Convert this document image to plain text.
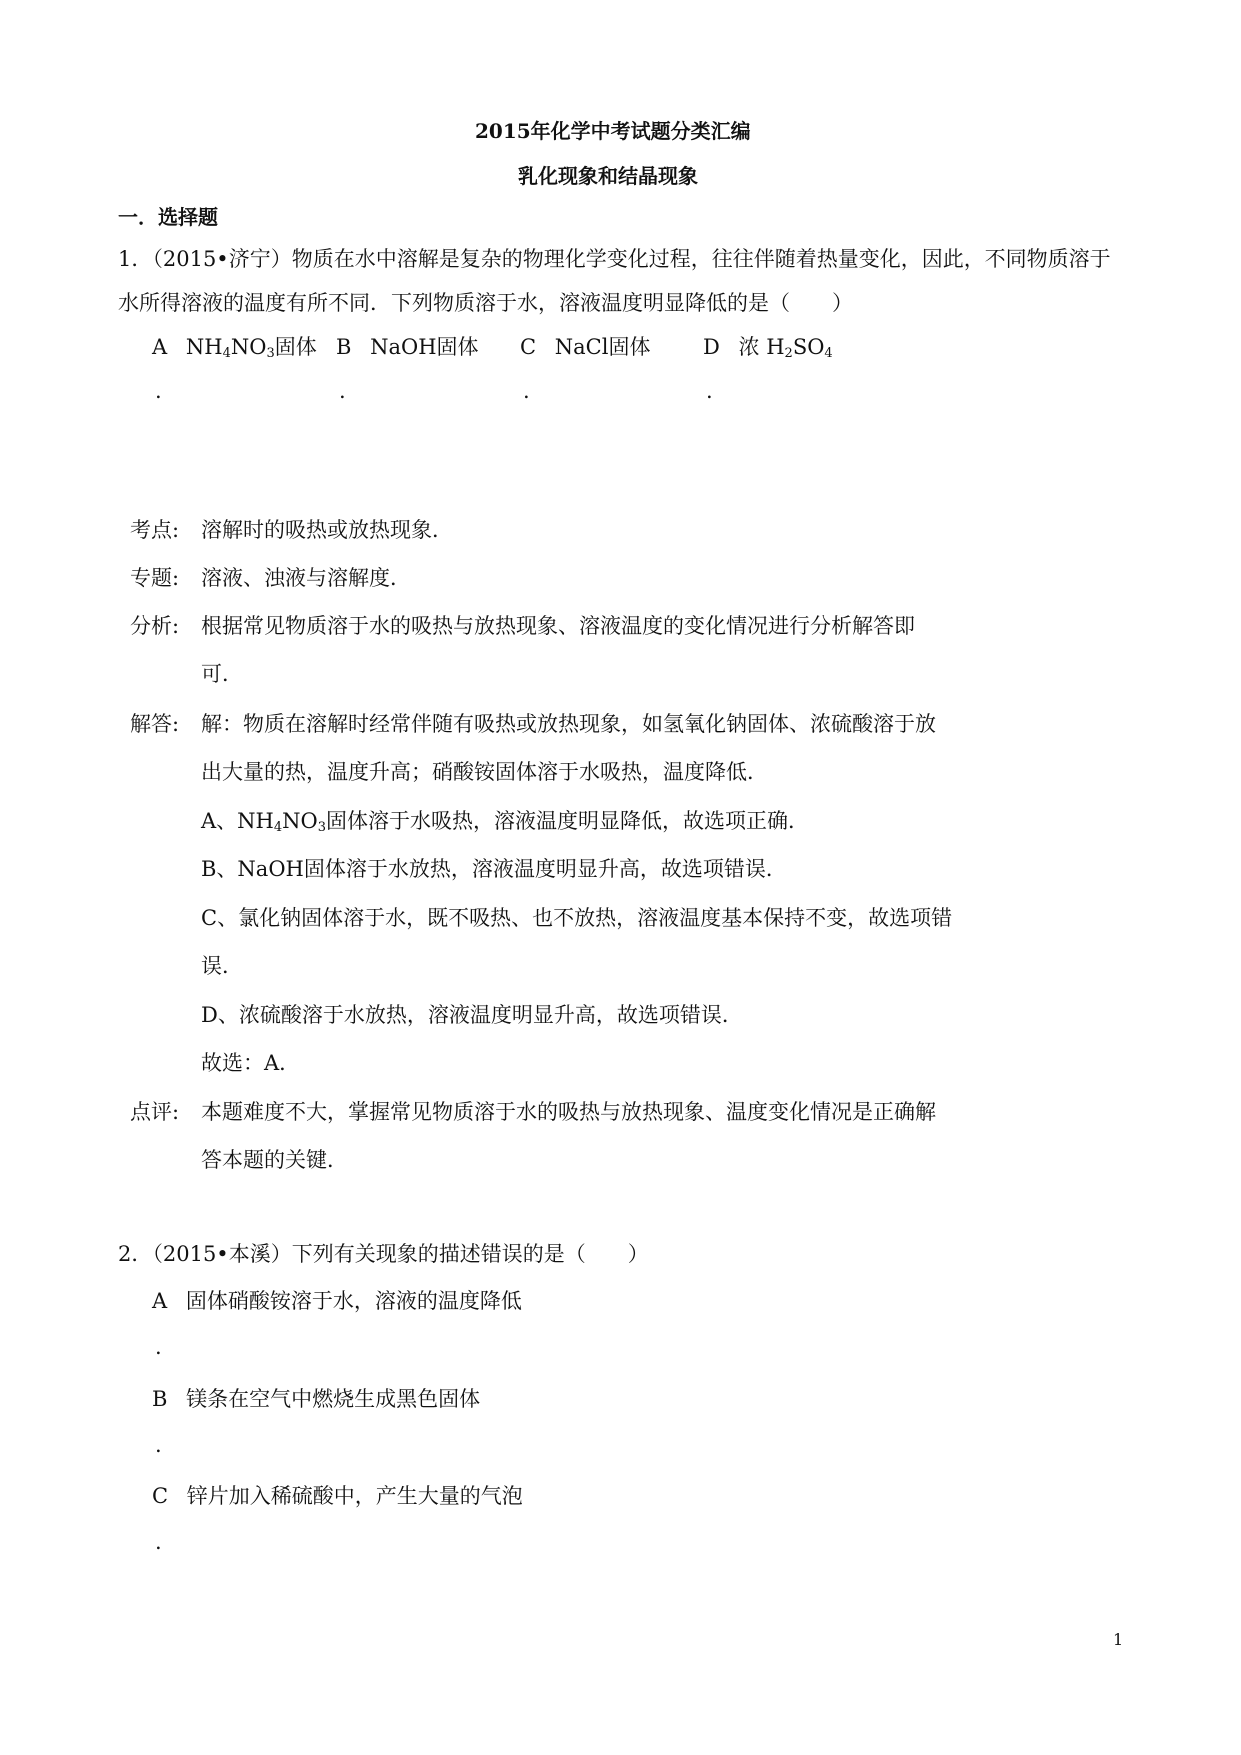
2015年化学中考试题分类汇编
乳化现象和结晶现象
一．选择题
1．（2015•济宁）物质在水中溶解是复杂的物理化学变化过程，往往伴随着热量变化，因此，不同物质溶于
水所得溶液的温度有所不同．下列物质溶于水，溶液温度明显降低的是（　　）
A $NH_4NO_3$固体 B NaOH固体 C NaCl固体	D 浓 $H_2SO_4$
.	.	.	.
考点: 溶解时的吸热或放热现象．
专题: 溶液、浊液与溶解度．
分析: 根据常见物质溶于水的吸热与放热现象、溶液温度的变化情况进行分析解答即
可．
解答: 解：物质在溶解时经常伴随有吸热或放热现象，如氢氧化钠固体、浓硫酸溶于放
出大量的热，温度升高；硝酸铵固体溶于水吸热，温度降低．
A、$NH_4NO_3$固体溶于水吸热，溶液温度明显降低，故选项正确．
B、NaOH固体溶于水放热，溶液温度明显升高，故选项错误．
C、氯化钠固体溶于水，既不吸热、也不放热，溶液温度基本保持不变，故选项错
误．
D、浓硫酸溶于水放热，溶液温度明显升高，故选项错误．
故选：A．
点评: 本题难度不大，掌握常见物质溶于水的吸热与放热现象、温度变化情况是正确解
答本题的关键．
2．（2015•本溪）下列有关现象的描述错误的是（　　）
A 固体硝酸铵溶于水，溶液的温度降低
.
B 镁条在空气中燃烧生成黑色固体
.
C 锌片加入稀硫酸中，产生大量的气泡
.
1
